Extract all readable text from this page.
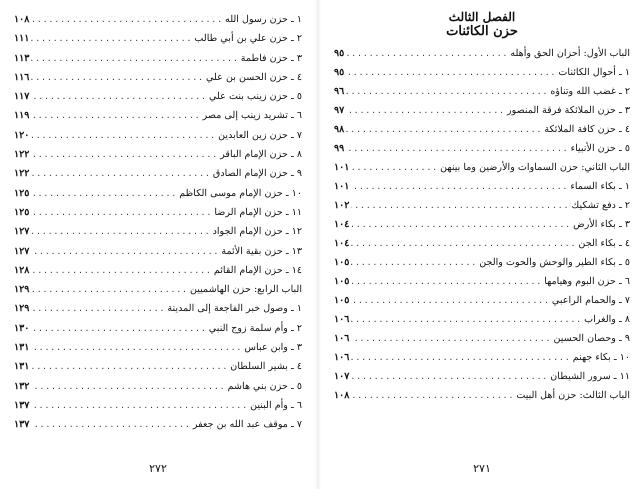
١ ـ حزن رسول الله
.....
١٠٨
٢ ـ حزن علي بن أبي طالب
.....
١١١
٣ ـ حزن فاطمة
.....
١١٣
٤ ـ حزن الحسن بن علي
.....
١١٦
٥ ـ حزن زينب بنت علي
.....
١١٧
٦ ـ تشريد زينب إلى مصر
.....
١١٩
٧ ـ حزن زين العابدين
.....
١٢٠
٨ ـ حزن الإمام الباقر
.....
١٢٢
٩ ـ حزن الإمام الصادق
.....
١٢٢
١٠ ـ حزن الإمام موسى الكاظم
.....
١٢٥
١١ ـ حزن الإمام الرضا
.....
١٢٥
١٢ ـ حزن الإمام الجواد
.....
١٢٧
١٣ ـ حزن بقية الأئمة
.....
١٢٧
١٤ ـ حزن الإمام القائم
.....
١٢٨
الباب الرابع: حزن الهاشميين
.....
١٢٩
١ ـ وصول خبر الفاجعة إلى المدينة
.....
١٢٩
٢ ـ وأم سلمة زوج النبي
.....
١٣٠
٣ ـ وابن عباس
.....
١٣١
٤ ـ بشير السلطان
.....
١٣١
٥ ـ حزن بني هاشم
.....
١٣٢
٦ ـ وأم البنين
.....
١٣٧
٧ ـ موقف عبد الله بن جعفر
.....
١٣٧
٢٧٢
الفصل الثالث
حزن الكائنات
الباب الأول: أحزان الحق وأهله
.....
٩٥
١ ـ أحوال الكائنات
.....
٩٥
٢ ـ غضب الله وتناؤه
.....
٩٦
٣ ـ حزن الملائكة فرقة المنصور
.....
٩٧
٤ ـ حزن كافة الملائكة
.....
٩٨
٥ ـ حزن الأنبياء
.....
٩٩
الباب الثاني: حزن السماوات والأرضين وما بينهن
.....
١٠١
١ ـ بكاء السماء
.....
١٠١
٢ ـ دفع تشكيك
.....
١٠٢
٣ ـ بكاء الأرض
.....
١٠٤
٤ ـ بكاء الجن
.....
١٠٤
٥ ـ بكاء الطير والوحش والحوت والجن
.....
١٠٥
٦ ـ حزن البوم وهيامها
.....
١٠٥
٧ ـ والحمام الراعبي
.....
١٠٥
٨ ـ والغراب
.....
١٠٦
٩ ـ وحصان الحسين
.....
١٠٦
١٠ ـ بكاء جهنم
.....
١٠٦
١١ ـ سرور الشيطان
.....
١٠٧
الباب الثالث: حزن أهل البيت
.....
١٠٨
٢٧١
